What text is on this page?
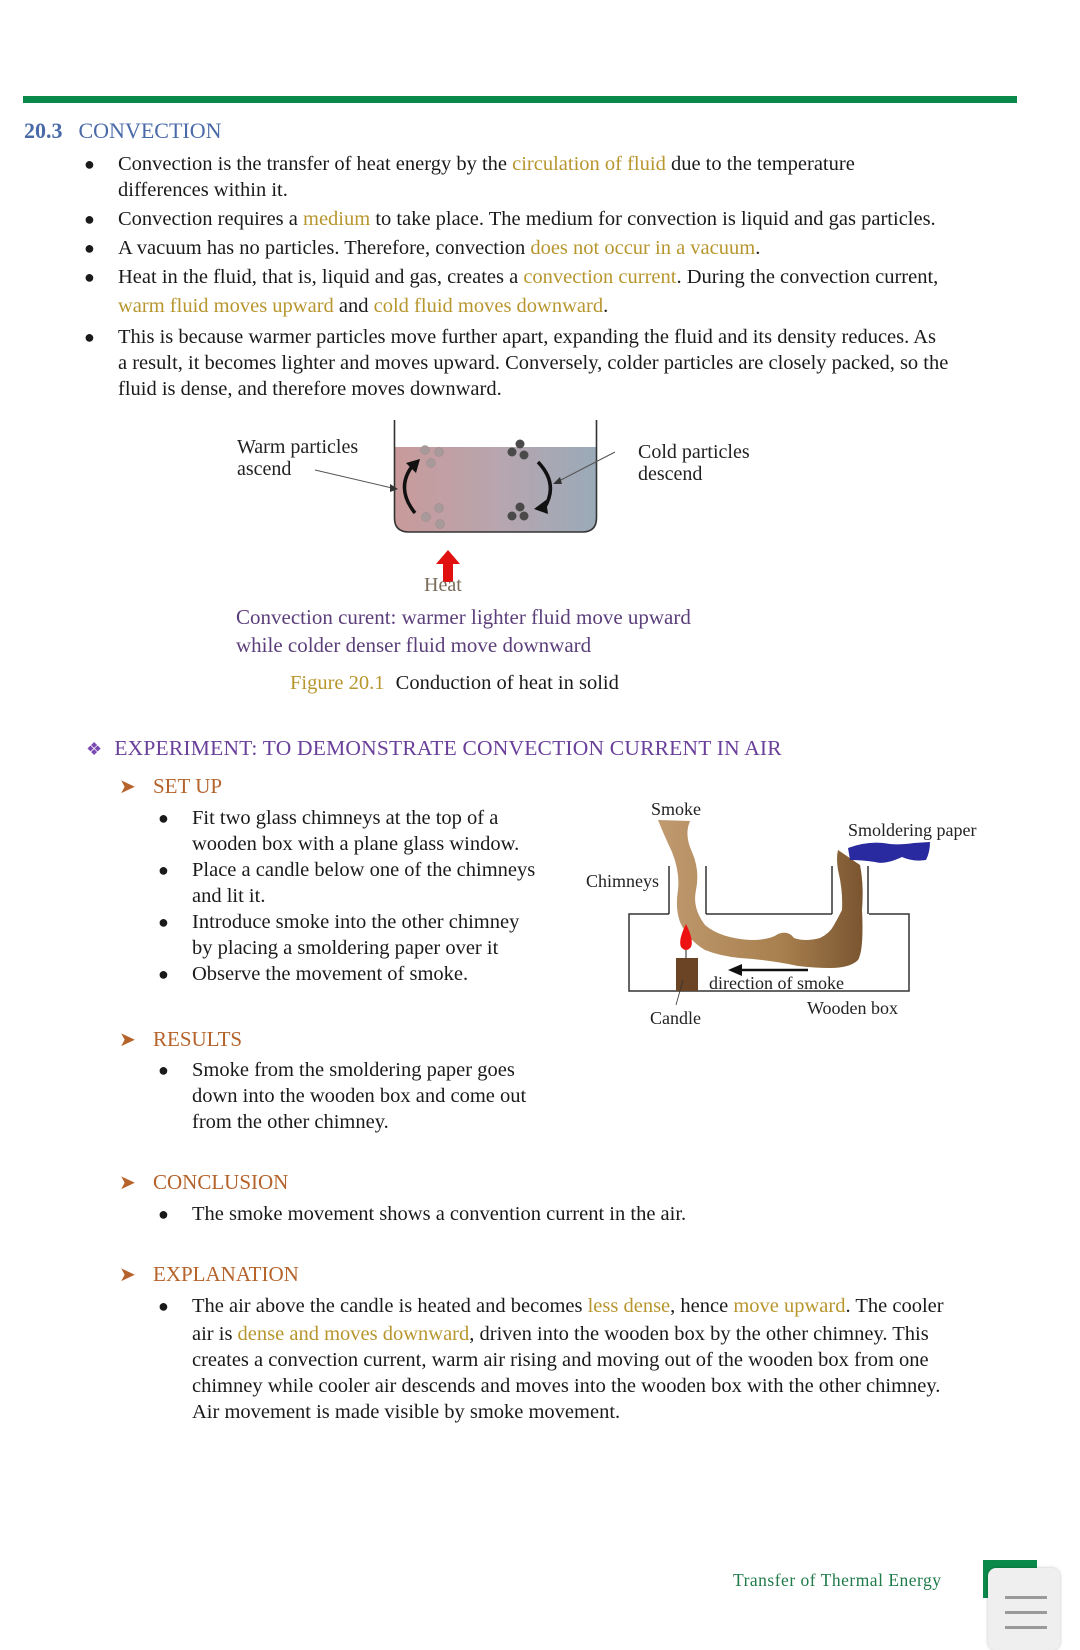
20.3 CONVECTION
● Convection is the transfer of heat energy by the circulation of fluid due to the temperature
differences within it.
● Convection requires a medium to take place. The medium for convection is liquid and gas particles.
● A vacuum has no particles. Therefore, convection does not occur in a vacuum.
● Heat in the fluid, that is, liquid and gas, creates a convection current. During the convection current,
warm fluid moves upward and cold fluid moves downward.
● This is because warmer particles move further apart, expanding the fluid and its density reduces. As
a result, it becomes lighter and moves upward. Conversely, colder particles are closely packed, so the
fluid is dense, and therefore moves downward.
Warm particles
ascend
Cold particles
descend
Heat
Convection curent: warmer lighter fluid move upward
while colder denser fluid move downward
Figure 20.1 Conduction of heat in solid
❖ EXPERIMENT: TO DEMONSTRATE CONVECTION CURRENT IN AIR
➤ SET UP
● Fit two glass chimneys at the top of a
wooden box with a plane glass window.
● Place a candle below one of the chimneys
and lit it.
● Introduce smoke into the other chimney
by placing a smoldering paper over it
● Observe the movement of smoke.
Smoke
Smoldering paper
Chimneys
direction of smoke
Wooden box
Candle
➤ RESULTS
● Smoke from the smoldering paper goes
down into the wooden box and come out
from the other chimney.
➤ CONCLUSION
● The smoke movement shows a convention current in the air.
➤ EXPLANATION
● The air above the candle is heated and becomes less dense, hence move upward. The cooler
air is dense and moves downward, driven into the wooden box by the other chimney. This
creates a convection current, warm air rising and moving out of the wooden box from one
chimney while cooler air descends and moves into the wooden box with the other chimney.
Air movement is made visible by smoke movement.
Transfer of Thermal Energy
